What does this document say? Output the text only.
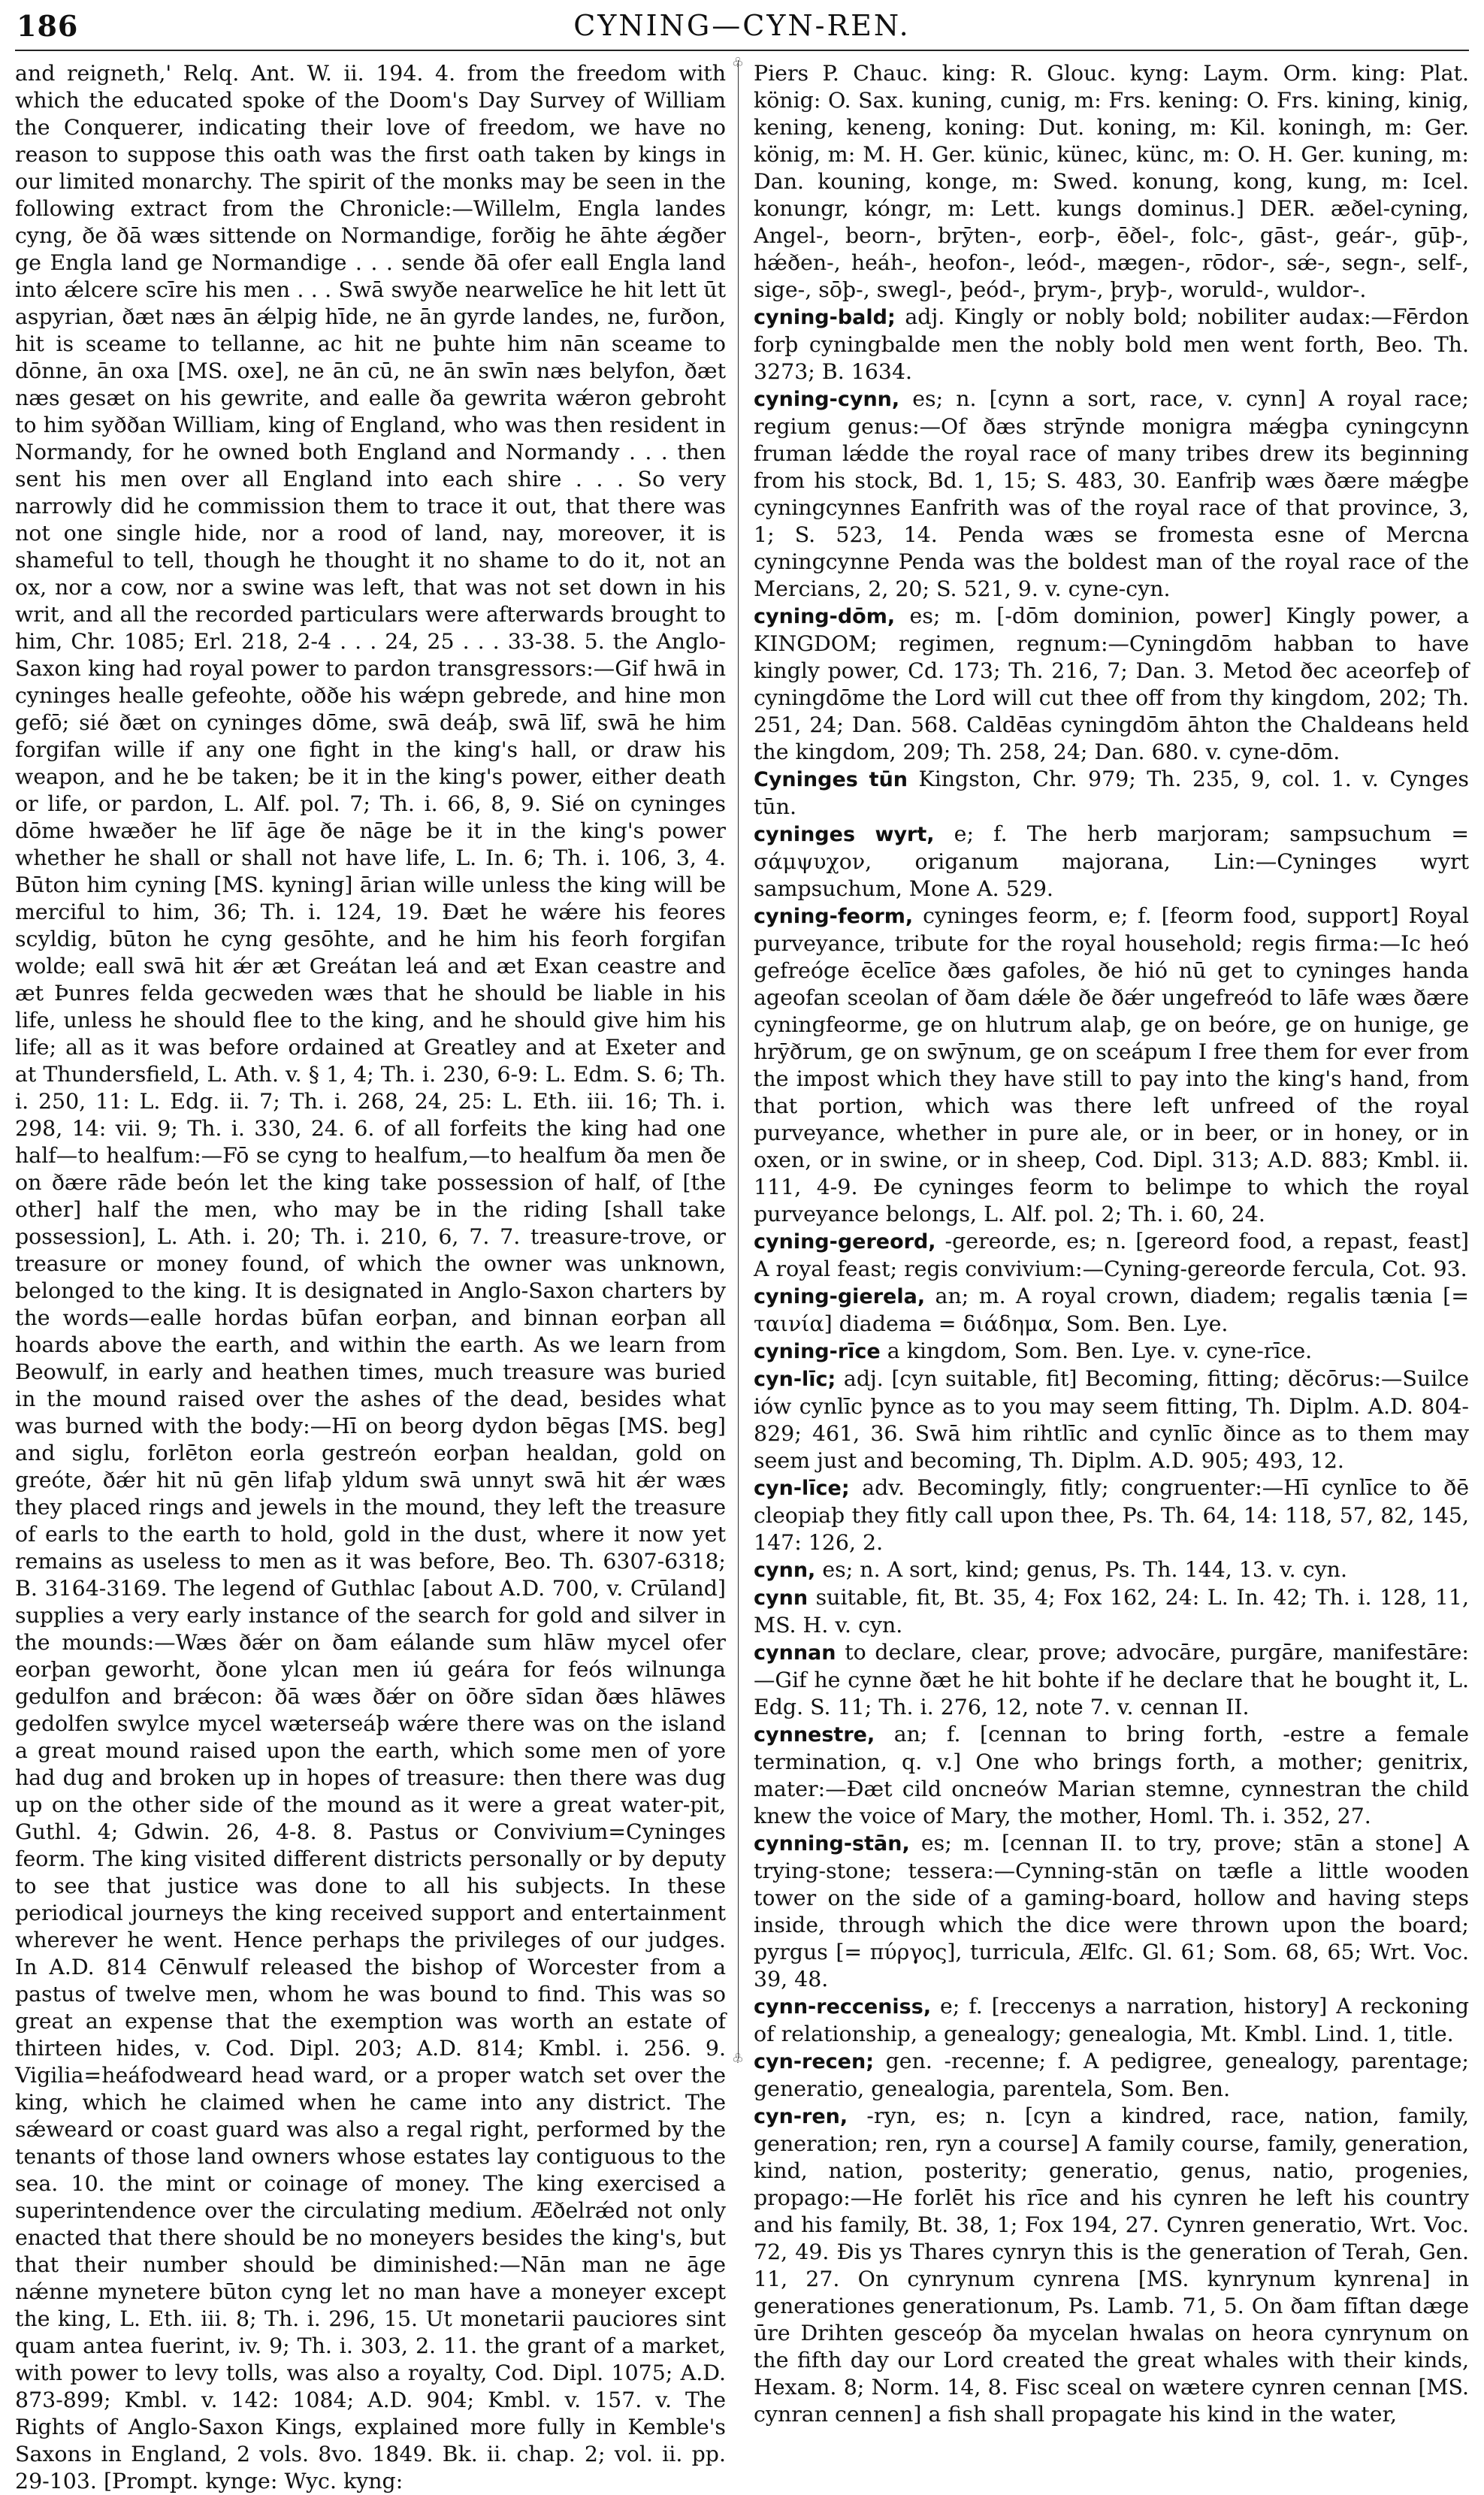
186	CYNING—CYN-REN.

and reigneth,' Relq. Ant. W. ii. 194. 4. from the freedom with which the educated spoke of the Doom's Day Survey of William the Conquerer, indicating their love of freedom, we have no reason to suppose this oath was the first oath taken by kings in our limited monarchy. The spirit of the monks may be seen in the following extract from the Chronicle:—Willelm, Engla landes cyng, ðe ðā wæs sittende on Normandige, forðig he āhte ǽgðer ge Engla land ge Normandige . . . sende ðā ofer eall Engla land into ǽlcere scīre his men . . . Swā swyðe nearwelīce he hit lett ūt aspyrian, ðæt næs ān ǽlpig hīde, ne ān gyrde landes, ne, furðon, hit is sceame to tellanne, ac hit ne þuhte him nān sceame to dōnne, ān oxa [MS. oxe], ne ān cū, ne ān swīn næs belyfon, ðæt næs gesæt on his gewrite, and ealle ða gewrita wǽron gebroht to him syððan William, king of England, who was then resident in Normandy, for he owned both England and Normandy . . . then sent his men over all England into each shire . . . So very narrowly did he commission them to trace it out, that there was not one single hide, nor a rood of land, nay, moreover, it is shameful to tell, though he thought it no shame to do it, not an ox, nor a cow, nor a swine was left, that was not set down in his writ, and all the recorded particulars were afterwards brought to him, Chr. 1085; Erl. 218, 2-4 . . . 24, 25 . . . 33-38. 5. the Anglo-Saxon king had royal power to pardon transgressors:—Gif hwā in cyninges healle gefeohte, oððe his wǽpn gebrede, and hine mon gefō; sié ðæt on cyninges dōme, swā deáþ, swā līf, swā he him forgifan wille if any one fight in the king's hall, or draw his weapon, and he be taken; be it in the king's power, either death or life, or pardon, L. Alf. pol. 7; Th. i. 66, 8, 9. Sié on cyninges dōme hwæðer he līf āge ðe nāge be it in the king's power whether he shall or shall not have life, L. In. 6; Th. i. 106, 3, 4. Būton him cyning [MS. kyning] ārian wille unless the king will be merciful to him, 36; Th. i. 124, 19. Ðæt he wǽre his feores scyldig, būton he cyng gesōhte, and he him his feorh forgifan wolde; eall swā hit ǽr æt Greátan leá and æt Exan ceastre and æt Þunres felda gecweden wæs that he should be liable in his life, unless he should flee to the king, and he should give him his life; all as it was before ordained at Greatley and at Exeter and at Thundersfield, L. Ath. v. § 1, 4; Th. i. 230, 6-9: L. Edm. S. 6; Th. i. 250, 11: L. Edg. ii. 7; Th. i. 268, 24, 25: L. Eth. iii. 16; Th. i. 298, 14: vii. 9; Th. i. 330, 24. 6. of all forfeits the king had one half—to healfum:—Fō se cyng to healfum,—to healfum ða men ðe on ðære rāde beón let the king take possession of half, of [the other] half the men, who may be in the riding [shall take possession], L. Ath. i. 20; Th. i. 210, 6, 7. 7. treasure-trove, or treasure or money found, of which the owner was unknown, belonged to the king. It is designated in Anglo-Saxon charters by the words—ealle hordas būfan eorþan, and binnan eorþan all hoards above the earth, and within the earth. As we learn from Beowulf, in early and heathen times, much treasure was buried in the mound raised over the ashes of the dead, besides what was burned with the body:—Hī on beorg dydon bēgas [MS. beg] and siglu, forlēton eorla gestreón eorþan healdan, gold on greóte, ðǽr hit nū gēn lifaþ yldum swā unnyt swā hit ǽr wæs they placed rings and jewels in the mound, they left the treasure of earls to the earth to hold, gold in the dust, where it now yet remains as useless to men as it was before, Beo. Th. 6307-6318; B. 3164-3169. The legend of Guthlac [about A.D. 700, v. Crūland] supplies a very early instance of the search for gold and silver in the mounds:—Wæs ðǽr on ðam eálande sum hlāw mycel ofer eorþan geworht, ðone ylcan men iú geára for feós wilnunga gedulfon and brǽcon: ðā wæs ðǽr on ōðre sīdan ðæs hlāwes gedolfen swylce mycel wæterseáþ wǽre there was on the island a great mound raised upon the earth, which some men of yore had dug and broken up in hopes of treasure: then there was dug up on the other side of the mound as it were a great water-pit, Guthl. 4; Gdwin. 26, 4-8. 8. Pastus or Convivium=Cyninges feorm. The king visited different districts personally or by deputy to see that justice was done to all his subjects. In these periodical journeys the king received support and entertainment wherever he went. Hence perhaps the privileges of our judges. In A.D. 814 Cēnwulf released the bishop of Worcester from a pastus of twelve men, whom he was bound to find. This was so great an expense that the exemption was worth an estate of thirteen hides, v. Cod. Dipl. 203; A.D. 814; Kmbl. i. 256. 9. Vigilia=heáfodweard head ward, or a proper watch set over the king, which he claimed when he came into any district. The sǽweard or coast guard was also a regal right, performed by the tenants of those land owners whose estates lay contiguous to the sea. 10. the mint or coinage of money. The king exercised a superintendence over the circulating medium. Æðelrǽd not only enacted that there should be no moneyers besides the king's, but that their number should be diminished:—Nān man ne āge nǽnne mynetere būton cyng let no man have a moneyer except the king, L. Eth. iii. 8; Th. i. 296, 15. Ut monetarii pauciores sint quam antea fuerint, iv. 9; Th. i. 303, 2. 11. the grant of a market, with power to levy tolls, was also a royalty, Cod. Dipl. 1075; A.D. 873-899; Kmbl. v. 142: 1084; A.D. 904; Kmbl. v. 157. v. The Rights of Anglo-Saxon Kings, explained more fully in Kemble's Saxons in England, 2 vols. 8vo. 1849. Bk. ii. chap. 2; vol. ii. pp. 29-103. [Prompt. kynge: Wyc. kyng:

♧
♧

Piers P. Chauc. king: R. Glouc. kyng: Laym. Orm. king: Plat. köni̇g: O. Sax. kuning, cunig, m: Frs. kening: O. Frs. kining, kinig, kening, keneng, koning: Dut. koning, m: Kil. koningh, m: Ger. könig, m: M. H. Ger. künic, künec, künc, m: O. H. Ger. kuning, m: Dan. kouning, konge, m: Swed. konung, kong, kung, m: Icel. konungr, kóngr, m: Lett. kungs dominus.] DER. æðel-cyning, Angel-, beorn-, brȳten-, eorþ-, ēðel-, folc-, gāst-, geár-, gūþ-, hǽðen-, heáh-, heofon-, leód-, mægen-, rōdor-, sǽ-, segn-, self-, sige-, sōþ-, swegl-, þeód-, þrym-, þryþ-, woruld-, wuldor-.

cyning-bald; adj. Kingly or nobly bold; nobiliter audax:—Fērdon forþ cyningbalde men the nobly bold men went forth, Beo. Th. 3273; B. 1634.

cyning-cynn, es; n. [cynn a sort, race, v. cynn] A royal race; regium genus:—Of ðæs strȳnde monigra mǽgþa cyningcynn fruman lǽdde the royal race of many tribes drew its beginning from his stock, Bd. 1, 15; S. 483, 30. Eanfriþ wæs ðære mǽgþe cyningcynnes Eanfrith was of the royal race of that province, 3, 1; S. 523, 14. Penda wæs se fromesta esne of Mercna cyningcynne Penda was the boldest man of the royal race of the Mercians, 2, 20; S. 521, 9. v. cyne-cyn.

cyning-dōm, es; m. [-dōm dominion, power] Kingly power, a KINGDOM; regimen, regnum:—Cyningdōm habban to have kingly power, Cd. 173; Th. 216, 7; Dan. 3. Metod ðec aceorfeþ of cyningdōme the Lord will cut thee off from thy kingdom, 202; Th. 251, 24; Dan. 568. Caldēas cyningdōm āhton the Chaldeans held the kingdom, 209; Th. 258, 24; Dan. 680. v. cyne-dōm.

Cyninges tūn Kingston, Chr. 979; Th. 235, 9, col. 1. v. Cynges tūn.

cyninges wyrt, e; f. The herb marjoram; sampsuchum = σάμψυχον, origanum majorana, Lin:—Cyninges wyrt sampsuchum, Mone A. 529.

cyning-feorm, cyninges feorm, e; f. [feorm food, support] Royal purveyance, tribute for the royal household; regis firma:—Ic heó gefreóge ēcelīce ðæs gafoles, ðe hió nū get to cyninges handa ageofan sceolan of ðam dǽle ðe ðǽr ungefreód to lāfe wæs ðære cyningfeorme, ge on hlutrum alaþ, ge on beóre, ge on hunige, ge hrȳðrum, ge on swȳnum, ge on sceápum I free them for ever from the impost which they have still to pay into the king's hand, from that portion, which was there left unfreed of the royal purveyance, whether in pure ale, or in beer, or in honey, or in oxen, or in swine, or in sheep, Cod. Dipl. 313; A.D. 883; Kmbl. ii. 111, 4-9. Ðe cyninges feorm to belimpe to which the royal purveyance belongs, L. Alf. pol. 2; Th. i. 60, 24.

cyning-gereord, -gereorde, es; n. [gereord food, a repast, feast] A royal feast; regis convivium:—Cyning-gereorde fercula, Cot. 93.

cyning-gierela, an; m. A royal crown, diadem; regalis tænia [= ταινία] diadema = διάδημα, Som. Ben. Lye.

cyning-rīce a kingdom, Som. Ben. Lye. v. cyne-rīce.

cyn-līc; adj. [cyn suitable, fit] Becoming, fitting; dĕcōrus:—Suilce iów cynlīc þynce as to you may seem fitting, Th. Diplm. A.D. 804-829; 461, 36. Swā him rihtlīc and cynlīc ðince as to them may seem just and becoming, Th. Diplm. A.D. 905; 493, 12.

cyn-līce; adv. Becomingly, fitly; congruenter:—Hī cynlīce to ðē cleopiaþ they fitly call upon thee, Ps. Th. 64, 14: 118, 57, 82, 145, 147: 126, 2.

cynn, es; n. A sort, kind; genus, Ps. Th. 144, 13. v. cyn.

cynn suitable, fit, Bt. 35, 4; Fox 162, 24: L. In. 42; Th. i. 128, 11, MS. H. v. cyn.

cynnan to declare, clear, prove; advocāre, purgāre, manifestāre:—Gif he cynne ðæt he hit bohte if he declare that he bought it, L. Edg. S. 11; Th. i. 276, 12, note 7. v. cennan II.

cynnestre, an; f. [cennan to bring forth, -estre a female termination, q. v.] One who brings forth, a mother; genitrix, mater:—Ðæt cild oncneów Marian stemne, cynnestran the child knew the voice of Mary, the mother, Homl. Th. i. 352, 27.

cynning-stān, es; m. [cennan II. to try, prove; stān a stone] A trying-stone; tessera:—Cynning-stān on tæfle a little wooden tower on the side of a gaming-board, hollow and having steps inside, through which the dice were thrown upon the board; pyrgus [= πύργος], turricula, Ælfc. Gl. 61; Som. 68, 65; Wrt. Voc. 39, 48.

cynn-recceniss, e; f. [reccenys a narration, history] A reckoning of relationship, a genealogy; genealogia, Mt. Kmbl. Lind. 1, title.

cyn-recen; gen. -recenne; f. A pedigree, genealogy, parentage; generatio, genealogia, parentela, Som. Ben.

cyn-ren, -ryn, es; n. [cyn a kindred, race, nation, family, generation; ren, ryn a course] A family course, family, generation, kind, nation, posterity; generatio, genus, natio, progenies, propago:—He forlēt his rīce and his cynren he left his country and his family, Bt. 38, 1; Fox 194, 27. Cynren generatio, Wrt. Voc. 72, 49. Ðis ys Thares cynryn this is the generation of Terah, Gen. 11, 27. On cynrynum cynrena [MS. kynrynum kynrena] in generationes generationum, Ps. Lamb. 71, 5. On ðam fīftan dæge ūre Drihten gesceóp ða mycelan hwalas on heora cynrynum on the fifth day our Lord created the great whales with their kinds, Hexam. 8; Norm. 14, 8. Fisc sceal on wætere cynren cennan [MS. cynran cennen] a fish shall propagate his kind in the water,
